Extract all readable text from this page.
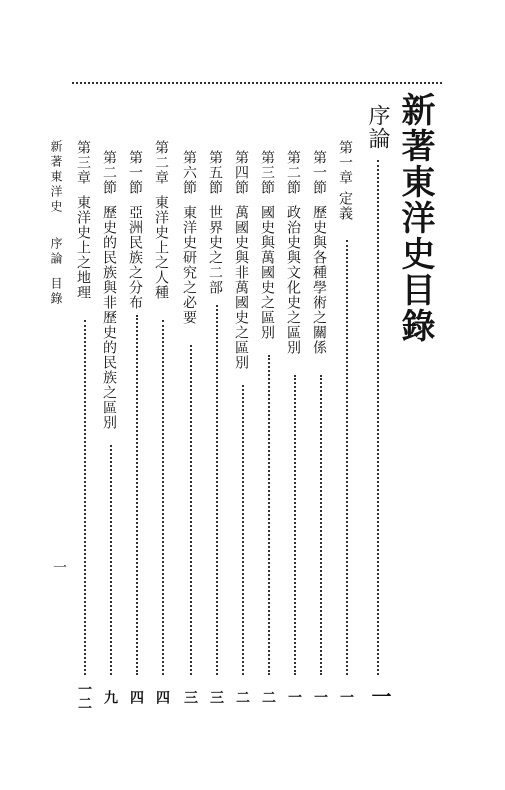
新著東洋史目錄
序論
一
第一章定義
一
第一節歷史與各種學術之關係
一
第二節政治史與文化史之區別
一
第三節國史與萬國史之區別
二
第四節萬國史與非萬國史之區別
二
第五節世界史之二部
三
第六節東洋史研究之必要
三
第二章東洋史上之人種
四
第一節亞洲民族之分布
四
第二節歷史的民族與非歷史的民族之區別
九
第三章東洋史上之地理
一二
新著東洋史序論目錄
一
